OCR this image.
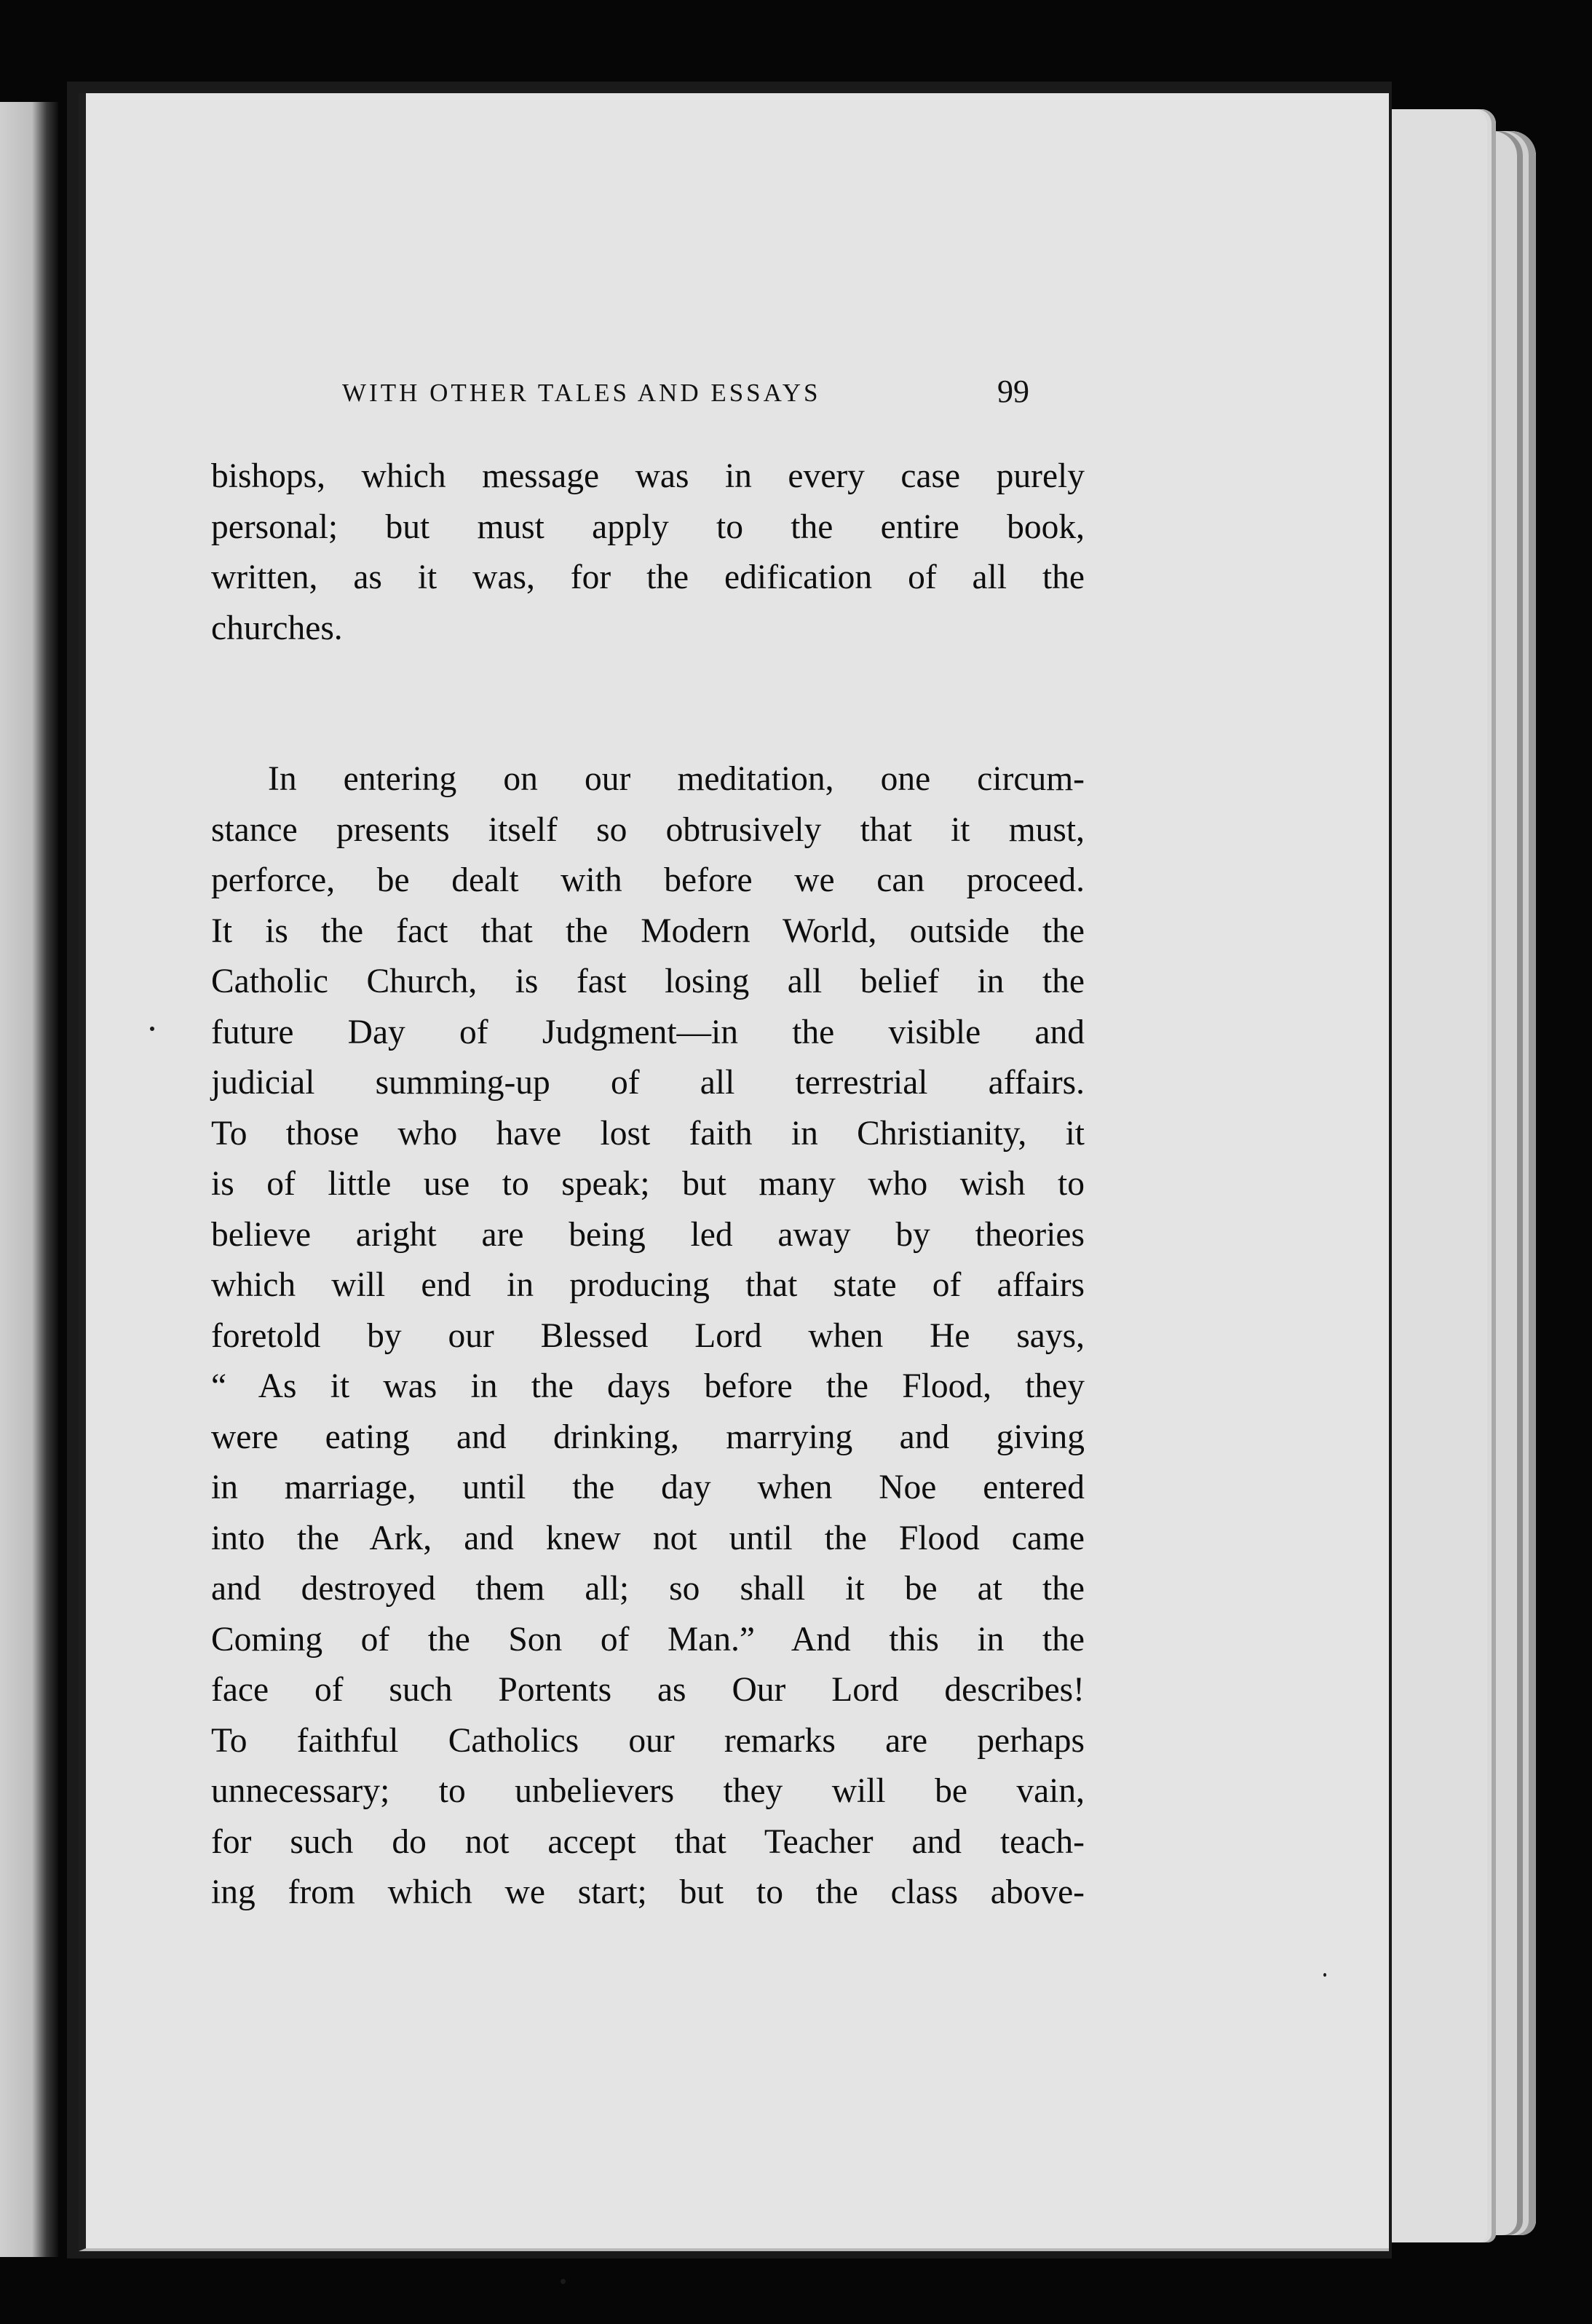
WITH OTHER TALES AND ESSAYS	99
bishops, which message was in every case purely
personal; but must apply to the entire book,
written, as it was, for the edification of all the
churches.
In entering on our meditation, one circum-
stance presents itself so obtrusively that it must,
perforce, be dealt with before we can proceed.
It is the fact that the Modern World, outside the
Catholic Church, is fast losing all belief in the
future Day of Judgment—in the visible and
judicial summing-up of all terrestrial affairs.
To those who have lost faith in Christianity, it
is of little use to speak; but many who wish to
believe aright are being led away by theories
which will end in producing that state of affairs
foretold by our Blessed Lord when He says,
“ As it was in the days before the Flood, they
were eating and drinking, marrying and giving
in marriage, until the day when Noe entered
into the Ark, and knew not until the Flood came
and destroyed them all; so shall it be at the
Coming of the Son of Man.” And this in the
face of such Portents as Our Lord describes!
To faithful Catholics our remarks are perhaps
unnecessary; to unbelievers they will be vain,
for such do not accept that Teacher and teach-
ing from which we start; but to the class above-
